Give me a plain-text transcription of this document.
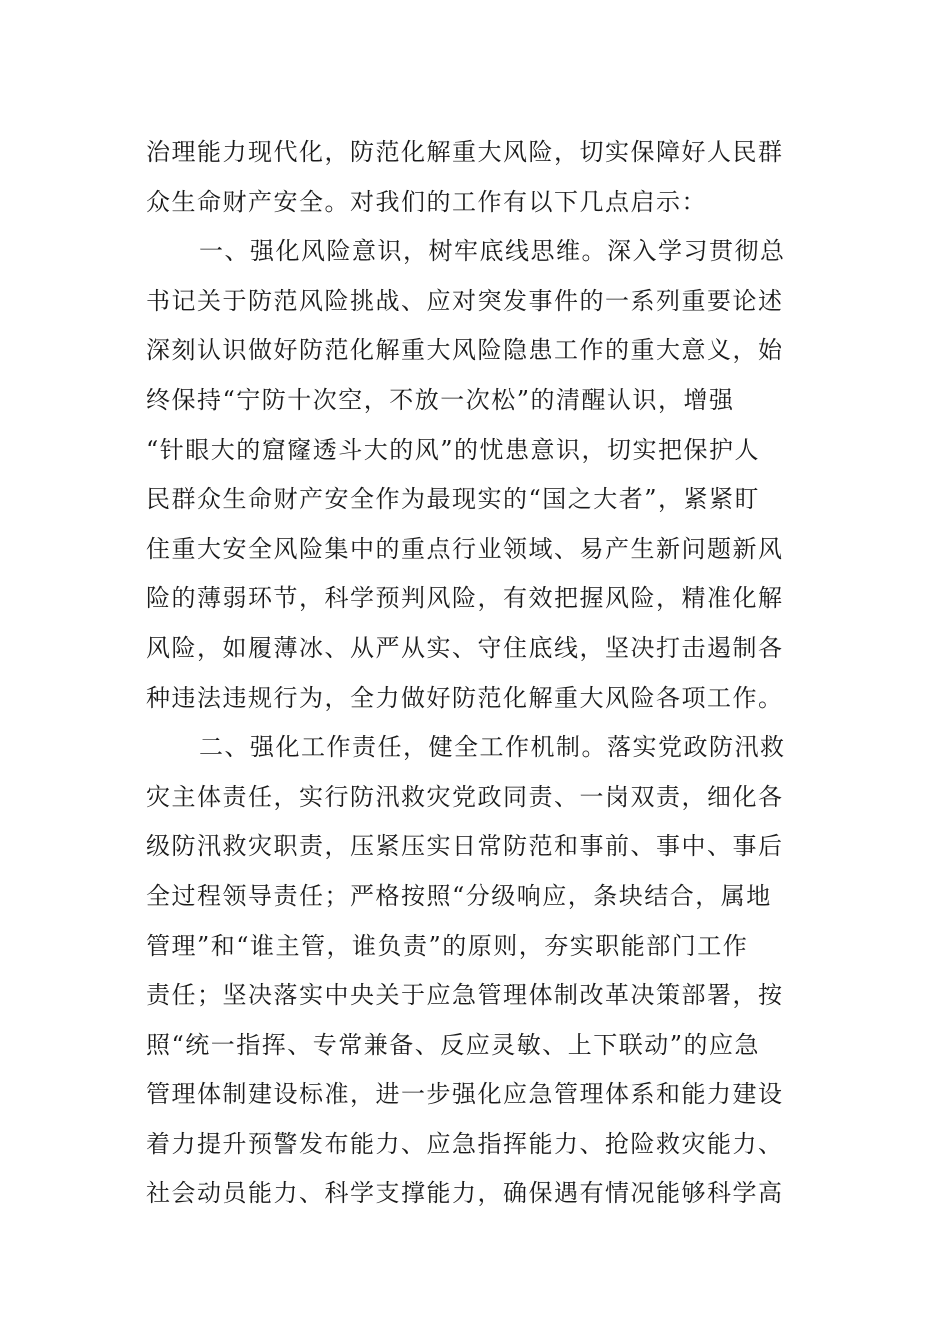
治理能力现代化，防范化解重大风险，切实保障好人民群
众生命财产安全。对我们的工作有以下几点启示：
一、强化风险意识，树牢底线思维。深入学习贯彻总
书记关于防范风险挑战、应对突发事件的一系列重要论述
深刻认识做好防范化解重大风险隐患工作的重大意义，始
终保持“宁防十次空，不放一次松”的清醒认识，增强
“针眼大的窟窿透斗大的风”的忧患意识，切实把保护人
民群众生命财产安全作为最现实的“国之大者”，紧紧盯
住重大安全风险集中的重点行业领域、易产生新问题新风
险的薄弱环节，科学预判风险，有效把握风险，精准化解
风险，如履薄冰、从严从实、守住底线，坚决打击遏制各
种违法违规行为，全力做好防范化解重大风险各项工作。
二、强化工作责任，健全工作机制。落实党政防汛救
灾主体责任，实行防汛救灾党政同责、一岗双责，细化各
级防汛救灾职责，压紧压实日常防范和事前、事中、事后
全过程领导责任；严格按照“分级响应，条块结合，属地
管理”和“谁主管，谁负责”的原则，夯实职能部门工作
责任；坚决落实中央关于应急管理体制改革决策部署，按
照“统一指挥、专常兼备、反应灵敏、上下联动”的应急
管理体制建设标准，进一步强化应急管理体系和能力建设
着力提升预警发布能力、应急指挥能力、抢险救灾能力、
社会动员能力、科学支撑能力，确保遇有情况能够科学高
